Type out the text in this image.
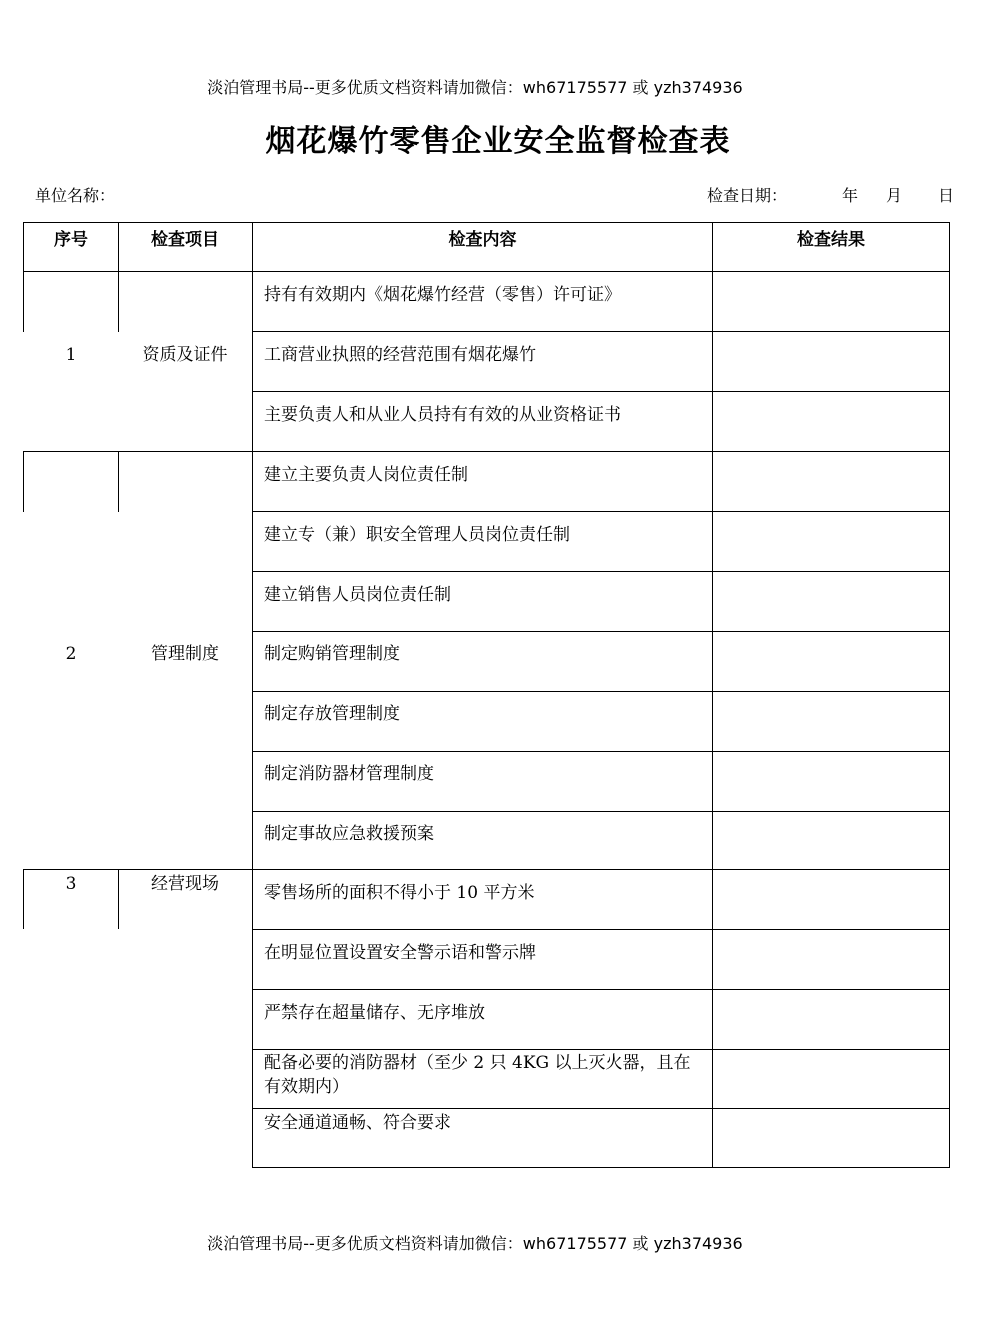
淡泊管理书局--更多优质文档资料请加微信：wh67175577 或 yzh374936
烟花爆竹零售企业安全监督检查表
单位名称：	检查日期：	年 月 日
序号	检查项目	检查内容	检查结果
1	资质及证件
持有有效期内《烟花爆竹经营（零售）许可证》
工商营业执照的经营范围有烟花爆竹
主要负责人和从业人员持有有效的从业资格证书
2	管理制度
建立主要负责人岗位责任制
建立专（兼）职安全管理人员岗位责任制
建立销售人员岗位责任制
制定购销管理制度
制定存放管理制度
制定消防器材管理制度
制定事故应急救援预案
3	经营现场	零售场所的面积不得小于 10 平方米
在明显位置设置安全警示语和警示牌
严禁存在超量储存、无序堆放
配备必要的消防器材（至少 2 只 4KG 以上灭火器，且在有效期内）
安全通道通畅、符合要求
淡泊管理书局--更多优质文档资料请加微信：wh67175577 或 yzh374936
